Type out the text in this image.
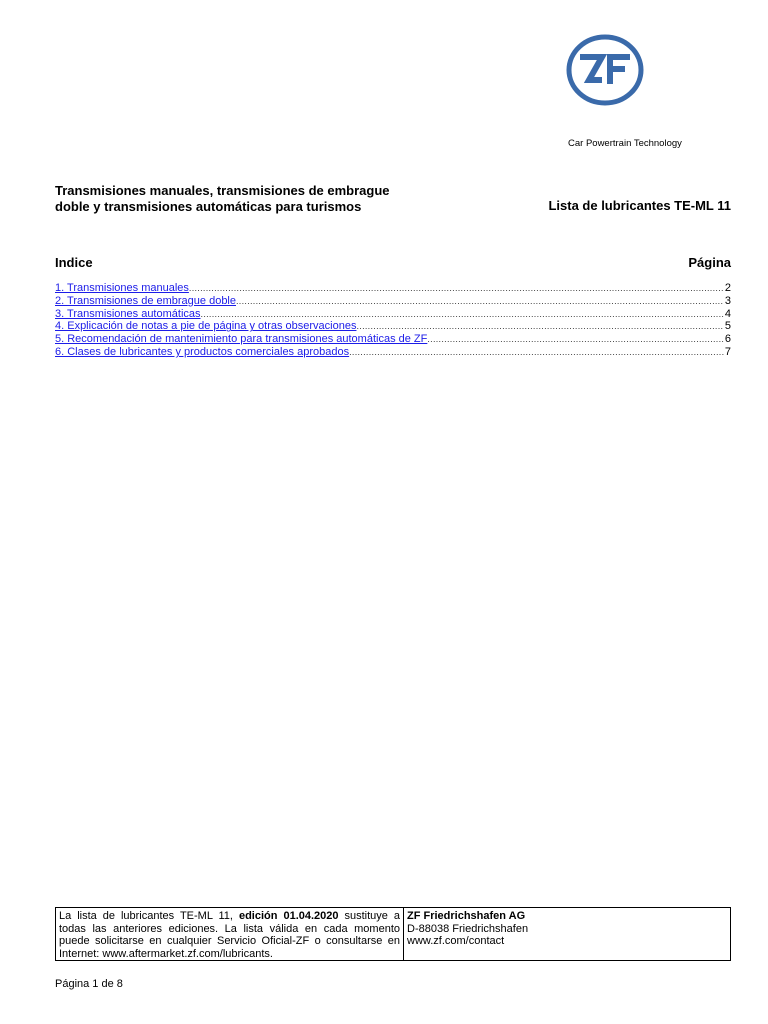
Car Powertrain Technology
Transmisiones manuales, transmisiones de embrague
doble y transmisiones automáticas para turismos	Lista de lubricantes TE-ML 11
Indice	Página
1. Transmisiones manuales .....	2
2. Transmisiones de embrague doble .....	3
3. Transmisiones automáticas .....	4
4. Explicación de notas a pie de página y otras observaciones .....	5
5. Recomendación de mantenimiento para transmisiones automáticas de ZF .....	6
6. Clases de lubricantes y productos comerciales aprobados .....	7
La lista de lubricantes TE-ML 11, edición 01.04.2020 sustituye a todas las anteriores ediciones. La lista válida en cada momento puede solicitarse en cualquier Servicio Oficial-ZF o consultarse en Internet: www.aftermarket.zf.com/lubricants.
ZF Friedrichshafen AG
D-88038 Friedrichshafen
www.zf.com/contact
Página 1 de 8
